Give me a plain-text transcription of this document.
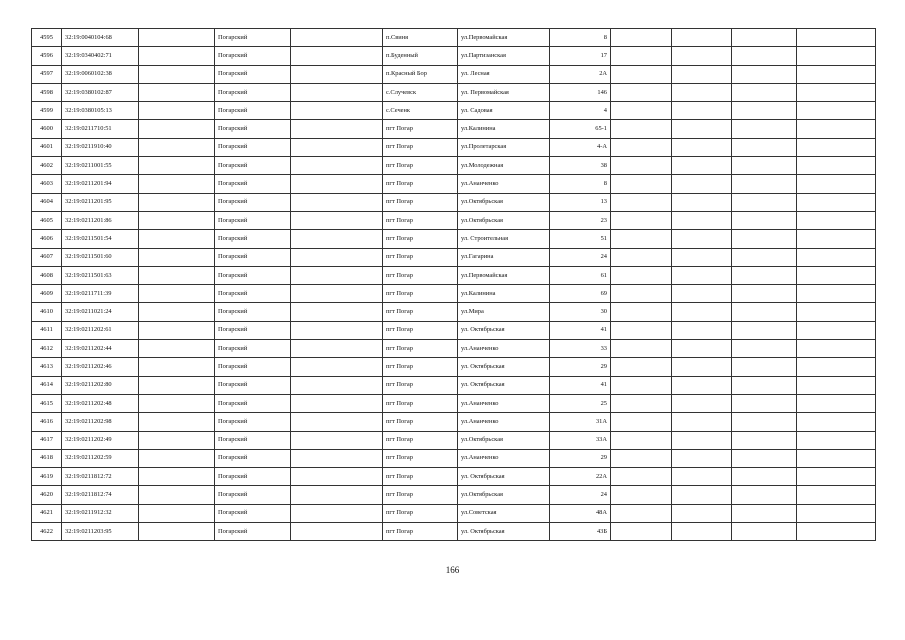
4595	32:19:0040104:68		Погарский		п.Свиня	ул.Первомайская	8				
4596	32:19:0340402:71		Погарский		п.Буденный	ул.Партизанская	17				
4597	32:19:0060102:38		Погарский		п.Красный Бор	ул. Лесная	2А				
4598	32:19:0380102:87		Погарский		с.Случевск	ул. Первомайская	146				
4599	32:19:0380105:13		Погарский		с.Сеченк	ул. Садовая	4				
4600	32:19:0211710:51		Погарский		пгт Погар	ул.Калинина	65-1				
4601	32:19:0211910:40		Погарский		пгт Погар	ул.Пролетарская	4-А				
4602	32:19:0211001:55		Погарский		пгт Погар	ул.Молодежная	38				
4603	32:19:0211201:94		Погарский		пгт Погар	ул.Ананченко	8				
4604	32:19:0211201:95		Погарский		пгт Погар	ул.Октябрьская	13				
4605	32:19:0211201:86		Погарский		пгт Погар	ул.Октябрьская	23				
4606	32:19:0211501:54		Погарский		пгт Погар	ул. Строительная	51				
4607	32:19:0211501:60		Погарский		пгт Погар	ул.Гагарина	24				
4608	32:19:0211501:63		Погарский		пгт Погар	ул.Первомайская	61				
4609	32:19:0211711:39		Погарский		пгт Погар	ул.Калинина	69				
4610	32:19:0211021:24		Погарский		пгт Погар	ул.Мира	30				
4611	32:19:0211202:61		Погарский		пгт Погар	ул. Октябрьская	41				
4612	32:19:0211202:44		Погарский		пгт Погар	ул.Ананченко	33				
4613	32:19:0211202:46		Погарский		пгт Погар	ул. Октябрьская	29				
4614	32:19:0211202:80		Погарский		пгт Погар	ул. Октябрьская	41				
4615	32:19:0211202:48		Погарский		пгт Погар	ул.Ананченко	25				
4616	32:19:0211202:98		Погарский		пгт Погар	ул.Ананченко	31А				
4617	32:19:0211202:49		Погарский		пгт Погар	ул.Октябрьская	33А				
4618	32:19:0211202:59		Погарский		пгт Погар	ул.Ананченко	29				
4619	32:19:0211812:72		Погарский		пгт Погар	ул. Октябрьская	22А				
4620	32:19:0211812:74		Погарский		пгт Погар	ул.Октябрьская	24				
4621	32:19:0211912:32		Погарский		пгт Погар	ул.Советская	48А				
4622	32:19:0211203:95		Погарский		пгт Погар	ул. Октябрьская	43Б				
166
